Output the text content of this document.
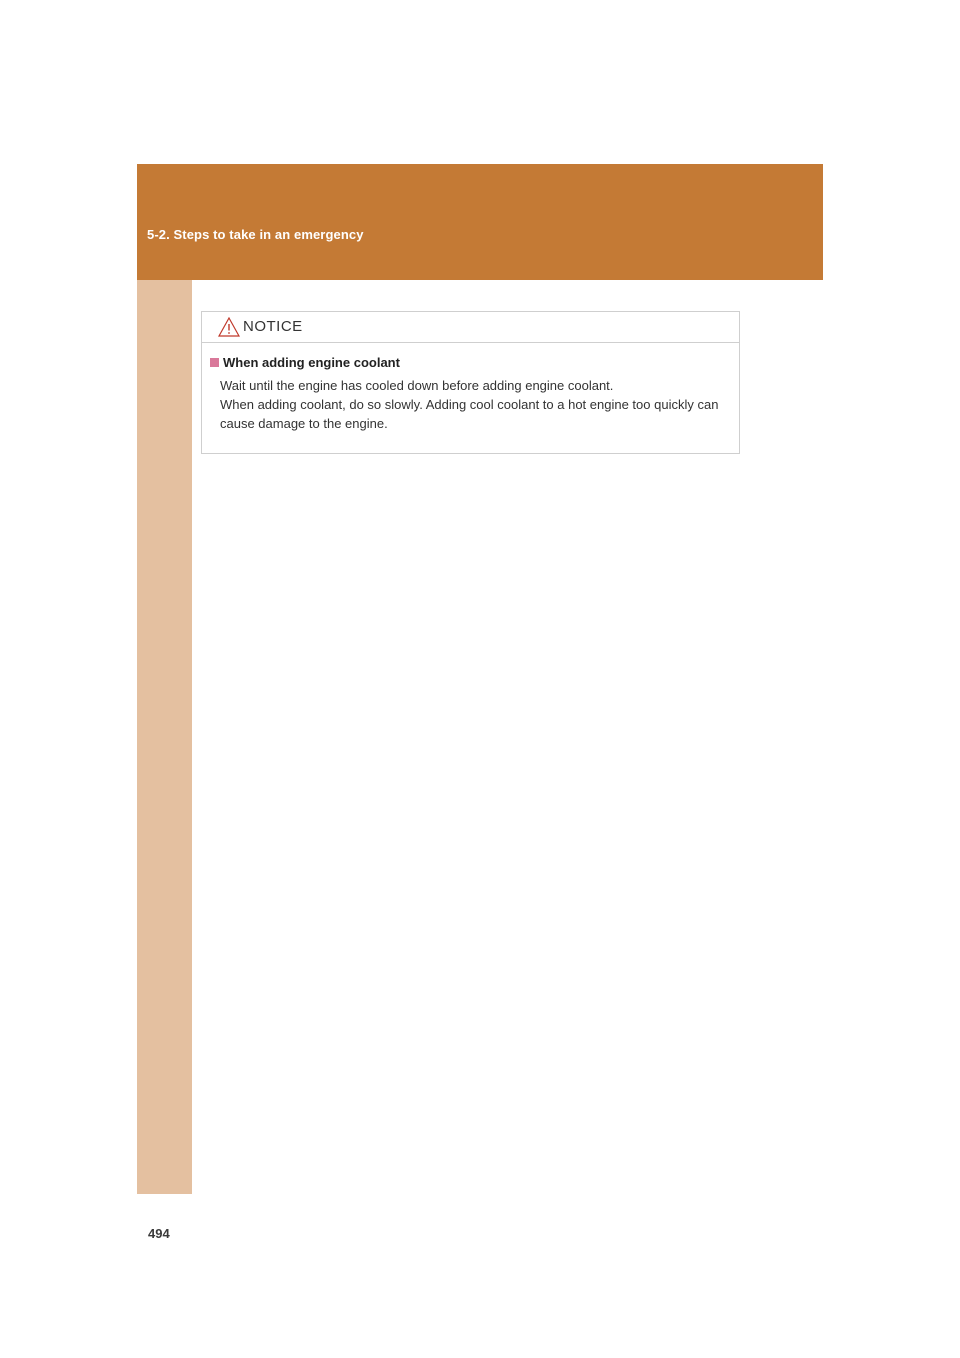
5-2. Steps to take in an emergency
494
NOTICE
When adding engine coolant

Wait until the engine has cooled down before adding engine coolant.

When adding coolant, do so slowly. Adding cool coolant to a hot engine too quickly can cause damage to the engine.
